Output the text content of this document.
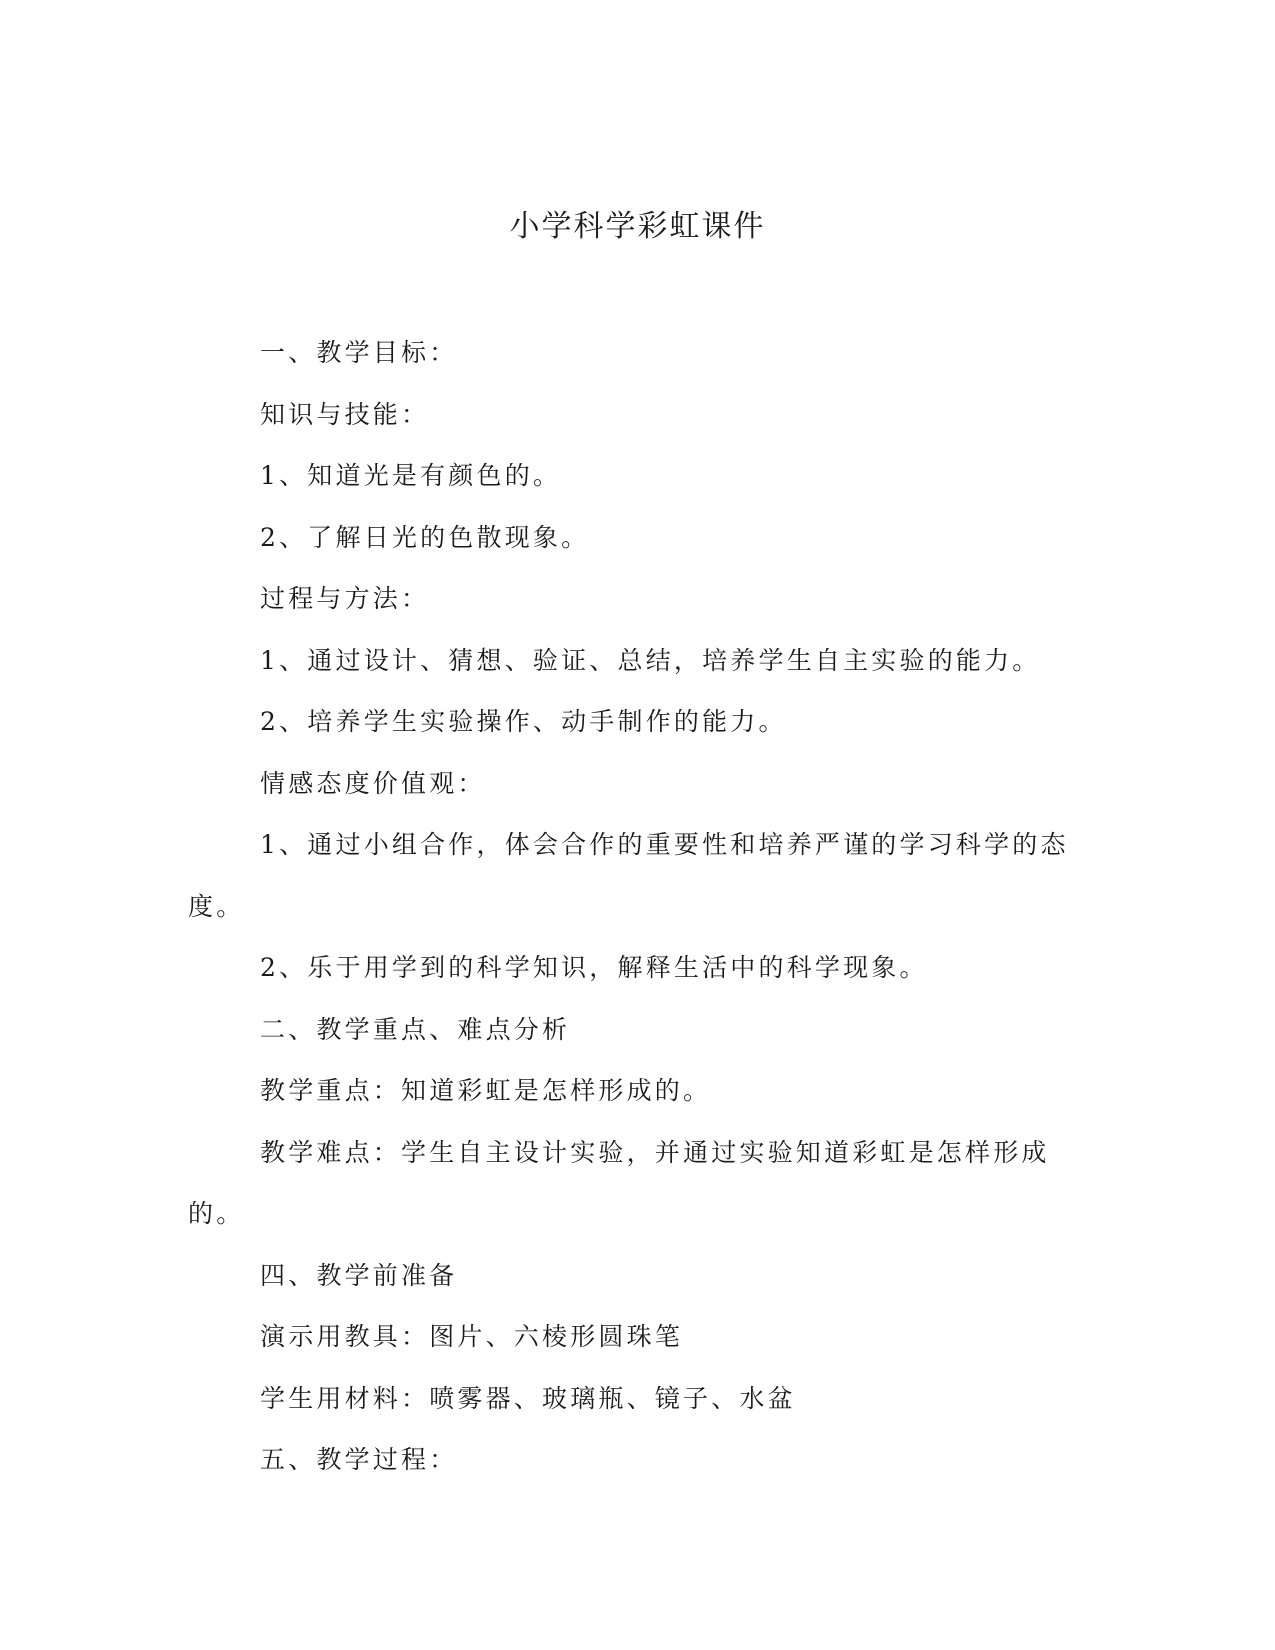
小学科学彩虹课件

一、教学目标：

知识与技能：

1、知道光是有颜色的。

2、了解日光的色散现象。

过程与方法：

1、通过设计、猜想、验证、总结，培养学生自主实验的能力。

2、培养学生实验操作、动手制作的能力。

情感态度价值观：

1、通过小组合作，体会合作的重要性和培养严谨的学习科学的态度。

2、乐于用学到的科学知识，解释生活中的科学现象。

二、教学重点、难点分析

教学重点：知道彩虹是怎样形成的。

教学难点：学生自主设计实验，并通过实验知道彩虹是怎样形成的。

四、教学前准备

演示用教具：图片、六棱形圆珠笔

学生用材料：喷雾器、玻璃瓶、镜子、水盆

五、教学过程：
